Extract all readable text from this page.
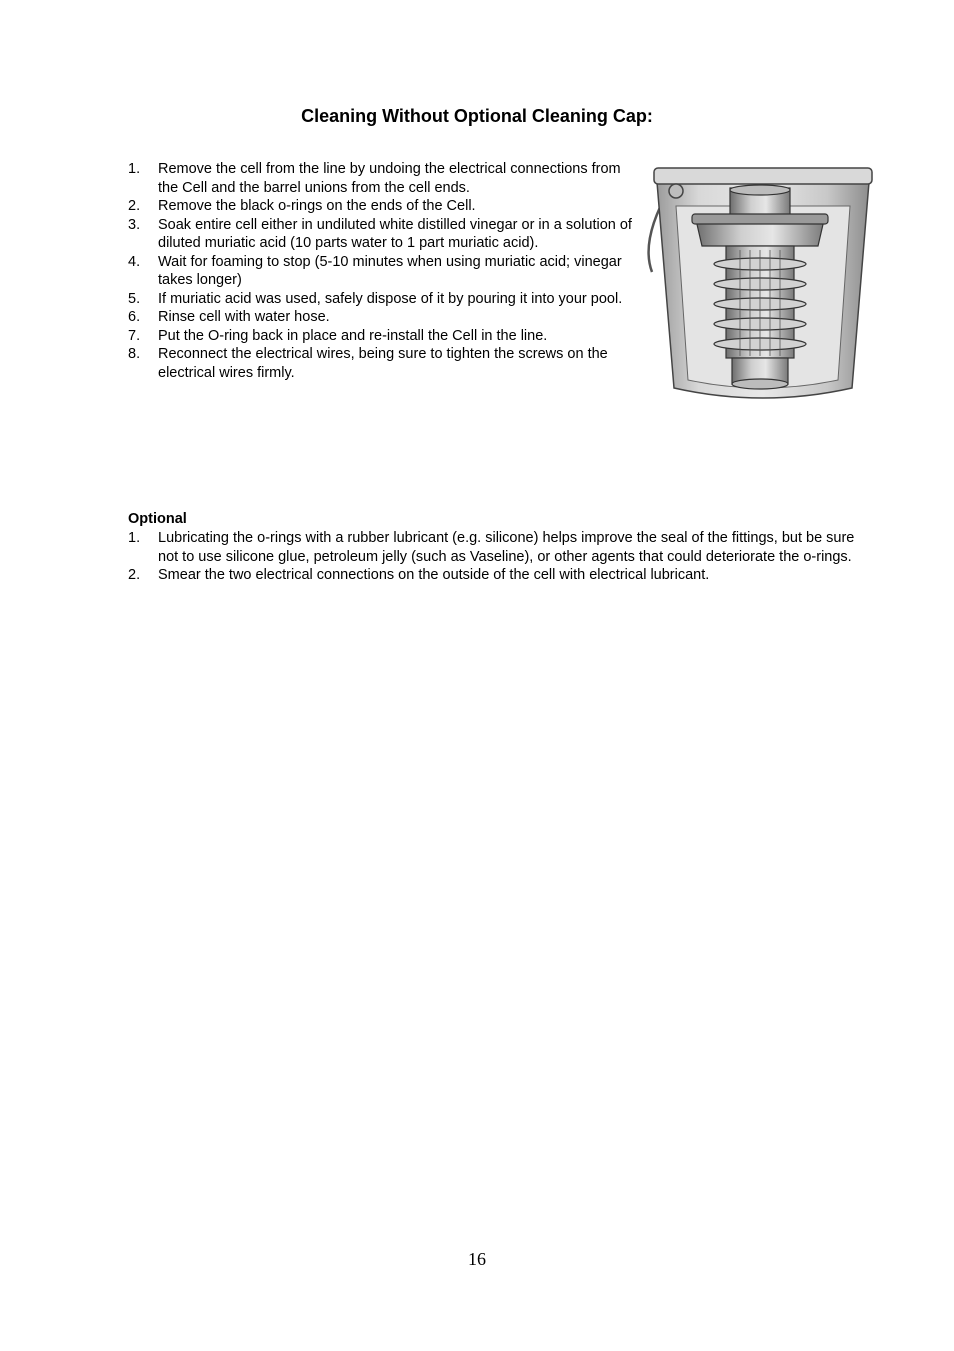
Cleaning Without Optional Cleaning Cap:
1. Remove the cell from the line by undoing the electrical connections from the Cell and the barrel unions from the cell ends.
2. Remove the black o-rings on the ends of the Cell.
3. Soak entire cell either in undiluted white distilled vinegar or in a solution of diluted muriatic acid (10 parts water to 1 part muriatic acid).
4. Wait for foaming to stop (5-10 minutes when using muriatic acid; vinegar takes longer)
5. If muriatic acid was used, safely dispose of it by pouring it into your pool.
6. Rinse cell with water hose.
7. Put the O-ring back in place and re-install the Cell in the line.
8. Reconnect the electrical wires, being sure to tighten the screws on the electrical wires firmly.
Optional
1. Lubricating the o-rings with a rubber lubricant (e.g. silicone) helps improve the seal of the fittings, but be sure not to use silicone glue, petroleum jelly (such as Vaseline), or other agents that could deteriorate the o-rings.
2. Smear the two electrical connections on the outside of the cell with electrical lubricant.
16
